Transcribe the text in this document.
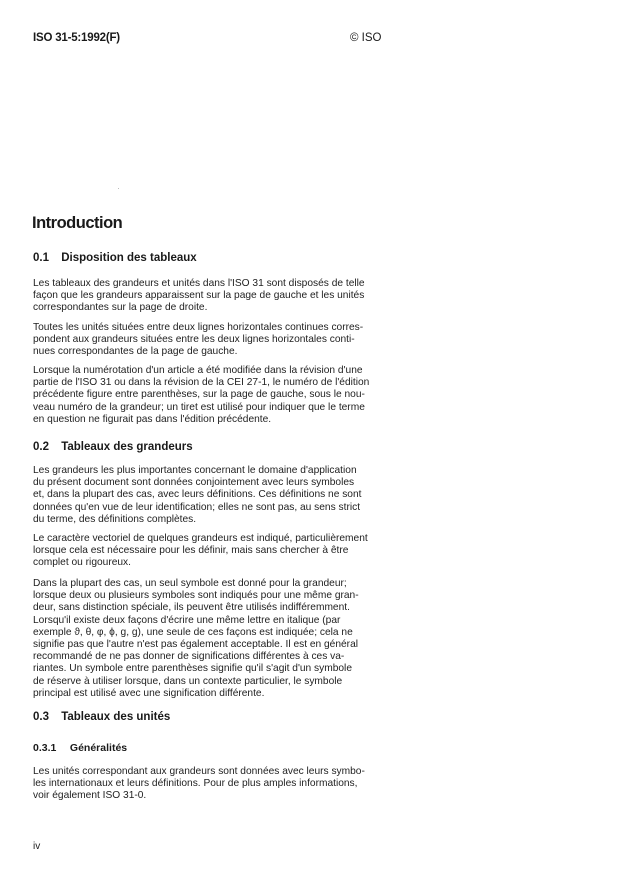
ISO 31-5:1992(F)	© ISO
Introduction
0.1 Disposition des tableaux

Les tableaux des grandeurs et unités dans l'ISO 31 sont disposés de telle
façon que les grandeurs apparaissent sur la page de gauche et les unités
correspondantes sur la page de droite.

Toutes les unités situées entre deux lignes horizontales continues corres-
pondent aux grandeurs situées entre les deux lignes horizontales conti-
nues correspondantes de la page de gauche.

Lorsque la numérotation d'un article a été modifiée dans la révision d'une
partie de l'ISO 31 ou dans la révision de la CEI 27-1, le numéro de l'édition
précédente figure entre parenthèses, sur la page de gauche, sous le nou-
veau numéro de la grandeur; un tiret est utilisé pour indiquer que le terme
en question ne figurait pas dans l'édition précédente.

0.2 Tableaux des grandeurs

Les grandeurs les plus importantes concernant le domaine d'application
du présent document sont données conjointement avec leurs symboles
et, dans la plupart des cas, avec leurs définitions. Ces définitions ne sont
données qu'en vue de leur identification; elles ne sont pas, au sens strict
du terme, des définitions complètes.

Le caractère vectoriel de quelques grandeurs est indiqué, particulièrement
lorsque cela est nécessaire pour les définir, mais sans chercher à être
complet ou rigoureux.

Dans la plupart des cas, un seul symbole est donné pour la grandeur;
lorsque deux ou plusieurs symboles sont indiqués pour une même gran-
deur, sans distinction spéciale, ils peuvent être utilisés indifféremment.
Lorsqu'il existe deux façons d'écrire une même lettre en italique (par
exemple ϑ, θ, φ, ϕ, g, g), une seule de ces façons est indiquée; cela ne
signifie pas que l'autre n'est pas également acceptable. Il est en général
recommandé de ne pas donner de significations différentes à ces va-
riantes. Un symbole entre parenthèses signifie qu'il s'agit d'un symbole
de réserve à utiliser lorsque, dans un contexte particulier, le symbole
principal est utilisé avec une signification différente.

0.3 Tableaux des unités
0.3.1 Généralités

Les unités correspondant aux grandeurs sont données avec leurs symbo-
les internationaux et leurs définitions. Pour de plus amples informations,
voir également ISO 31-0.

iv
